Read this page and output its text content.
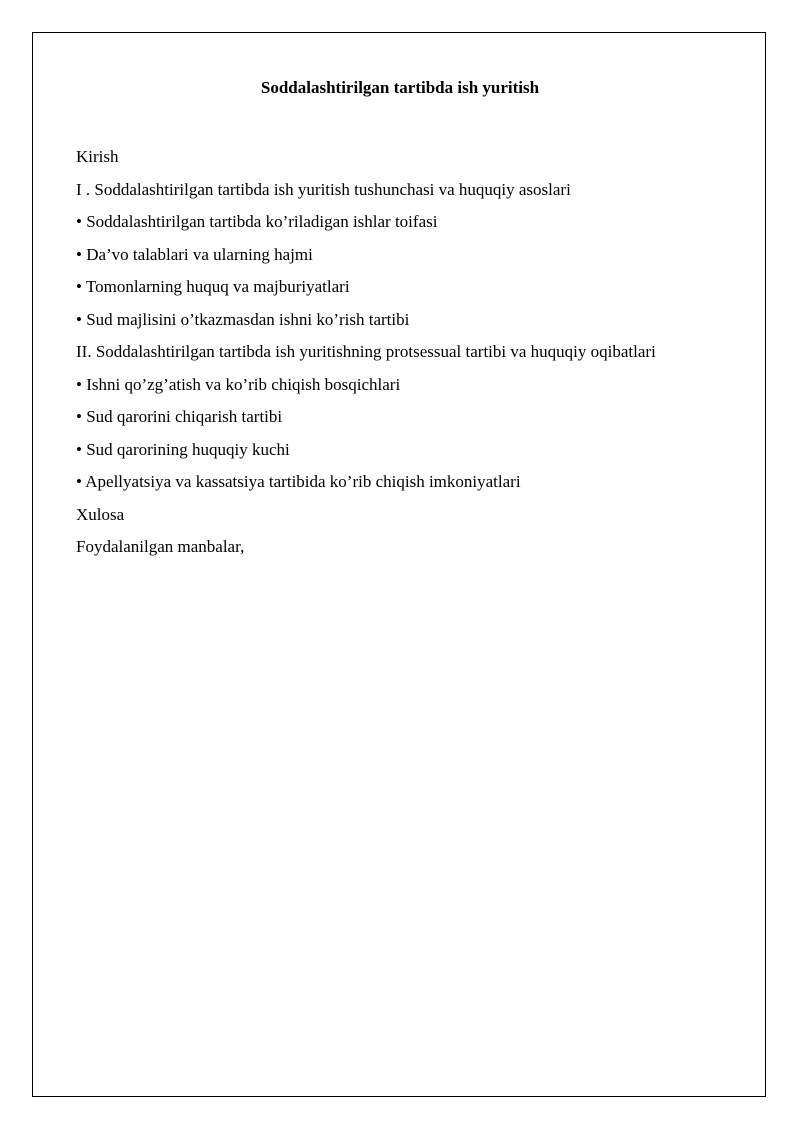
Soddalashtirilgan tartibda ish yuritish
Kirish
I . Soddalashtirilgan tartibda ish yuritish tushunchasi va huquqiy asoslari
• Soddalashtirilgan tartibda ko’riladigan ishlar toifasi
• Da’vo talablari va ularning hajmi
• Tomonlarning huquq va majburiyatlari
• Sud majlisini o’tkazmasdan ishni ko’rish tartibi
II. Soddalashtirilgan tartibda ish yuritishning protsessual tartibi va huquqiy oqibatlari
• Ishni qo’zg’atish va ko’rib chiqish bosqichlari
• Sud qarorini chiqarish tartibi
• Sud qarorining huquqiy kuchi
• Apellyatsiya va kassatsiya tartibida ko’rib chiqish imkoniyatlari
Xulosa
Foydalanilgan manbalar,
